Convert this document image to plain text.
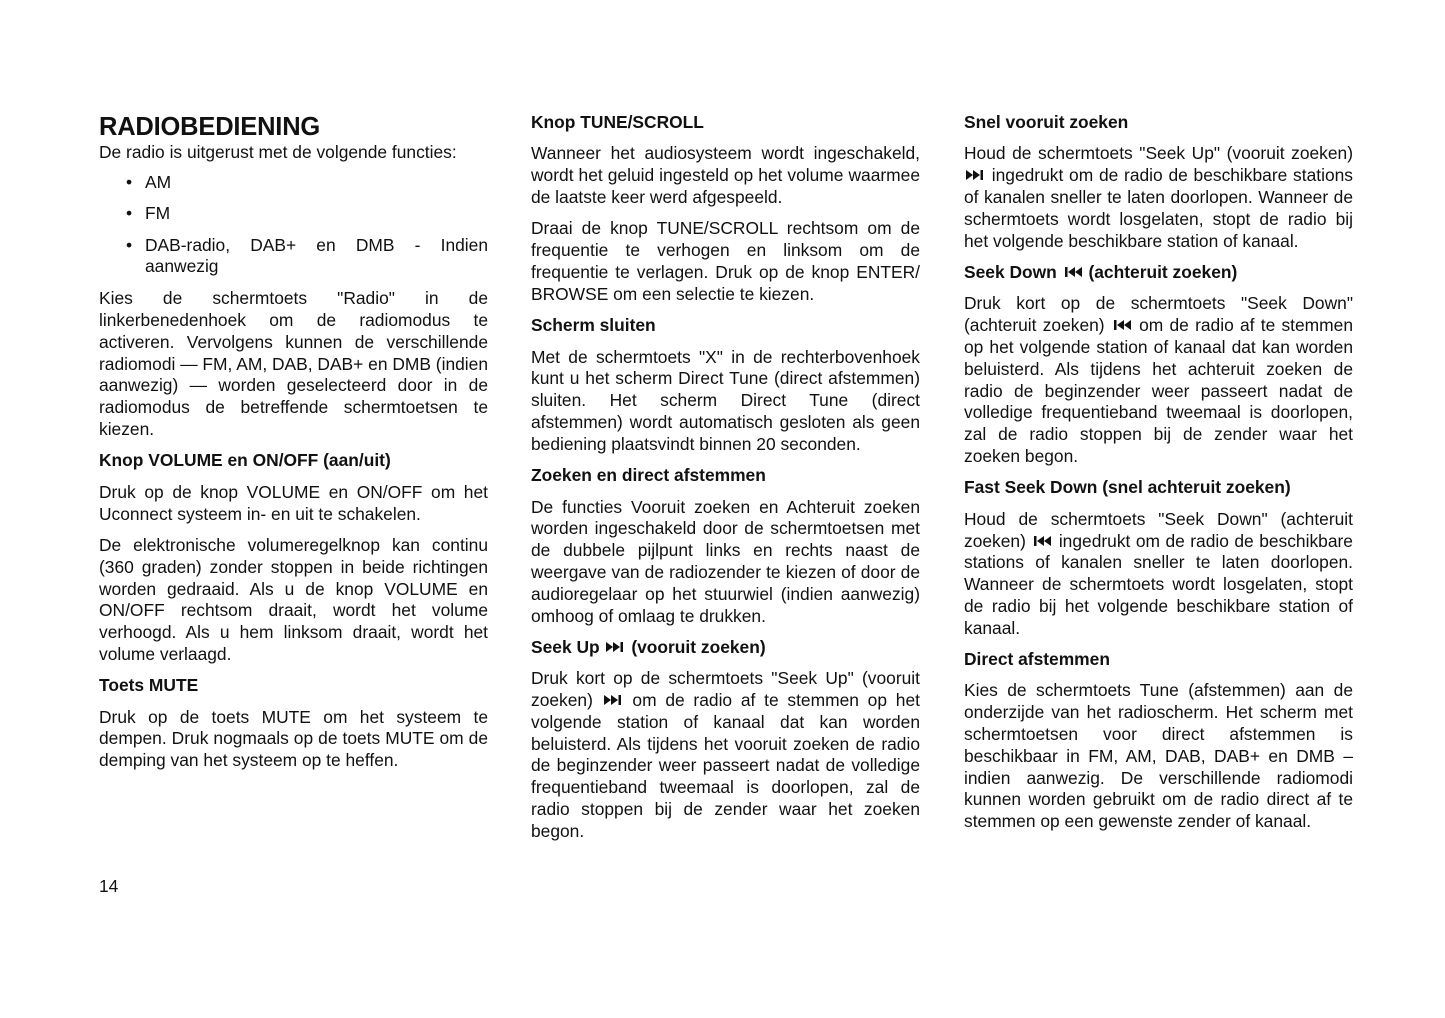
RADIOBEDIENING

De radio is uitgerust met de volgende functies:

• AM
• FM
• DAB-radio, DAB+ en DMB - Indien aanwezig

Kies de schermtoets "Radio" in de linkerbenedenhoek om de radiomodus te activeren. Vervolgens kunnen de verschillende radiomodi — FM, AM, DAB, DAB+ en DMB (indien aanwezig) — worden geselecteerd door in de radiomodus de betreffende schermtoetsen te kiezen.

Knop VOLUME en ON/OFF (aan/uit)

Druk op de knop VOLUME en ON/OFF om het Uconnect systeem in- en uit te schakelen.

De elektronische volumeregelknop kan continu (360 graden) zonder stoppen in beide richtingen worden gedraaid. Als u de knop VOLUME en ON/OFF rechtsom draait, wordt het volume verhoogd. Als u hem linksom draait, wordt het volume verlaagd.

Toets MUTE

Druk op de toets MUTE om het systeem te dempen. Druk nogmaals op de toets MUTE om de demping van het systeem op te heffen.

Knop TUNE/SCROLL

Wanneer het audiosysteem wordt ingeschakeld, wordt het geluid ingesteld op het volume waarmee de laatste keer werd afgespeeld.

Draai de knop TUNE/SCROLL rechtsom om de frequentie te verhogen en linksom om de frequentie te verlagen. Druk op de knop ENTER/ BROWSE om een selectie te kiezen.

Scherm sluiten

Met de schermtoets "X" in de rechterbovenhoek kunt u het scherm Direct Tune (direct afstemmen) sluiten. Het scherm Direct Tune (direct afstemmen) wordt automatisch gesloten als geen bediening plaatsvindt binnen 20 seconden.

Zoeken en direct afstemmen

De functies Vooruit zoeken en Achteruit zoeken worden ingeschakeld door de schermtoetsen met de dubbele pijlpunt links en rechts naast de weergave van de radiozender te kiezen of door de audioregelaar op het stuurwiel (indien aanwezig) omhoog of omlaag te drukken.

Seek Up (vooruit zoeken)

Druk kort op de schermtoets "Seek Up" (vooruit zoeken) om de radio af te stemmen op het volgende station of kanaal dat kan worden beluisterd. Als tijdens het vooruit zoeken de radio de beginzender weer passeert nadat de volledige frequentieband tweemaal is doorlopen, zal de radio stoppen bij de zender waar het zoeken begon.

Snel vooruit zoeken

Houd de schermtoets "Seek Up" (vooruit zoeken)
ingedrukt om de radio de beschikbare stations of kanalen sneller te laten doorlopen. Wanneer de schermtoets wordt losgelaten, stopt de radio bij het volgende beschikbare station of kanaal.

Seek Down (achteruit zoeken)

Druk kort op de schermtoets "Seek Down" (achteruit zoeken) om de radio af te stemmen op het volgende station of kanaal dat kan worden beluisterd. Als tijdens het achteruit zoeken de radio de beginzender weer passeert nadat de volledige frequentieband tweemaal is doorlopen, zal de radio stoppen bij de zender waar het zoeken begon.

Fast Seek Down (snel achteruit zoeken)

Houd de schermtoets "Seek Down" (achteruit zoeken) ingedrukt om de radio de beschikbare stations of kanalen sneller te laten doorlopen. Wanneer de schermtoets wordt losgelaten, stopt de radio bij het volgende beschikbare station of kanaal.

Direct afstemmen

Kies de schermtoets Tune (afstemmen) aan de onderzijde van het radioscherm. Het scherm met schermtoetsen voor direct afstemmen is beschikbaar in FM, AM, DAB, DAB+ en DMB – indien aanwezig. De verschillende radiomodi kunnen worden gebruikt om de radio direct af te stemmen op een gewenste zender of kanaal.

14
